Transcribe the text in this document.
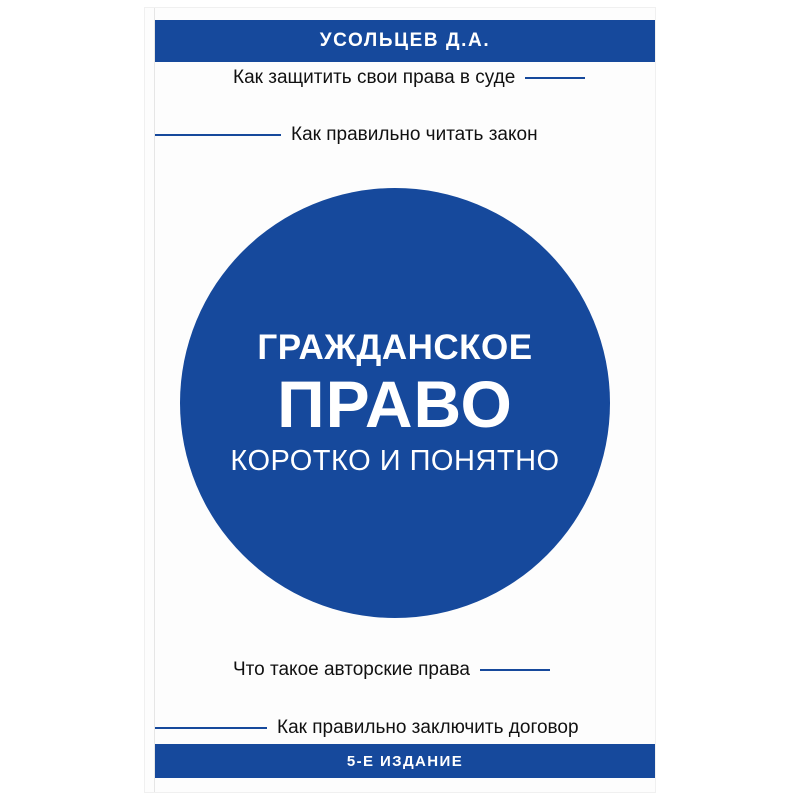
УСОЛЬЦЕВ Д.А.
Как защитить свои права в суде
Как правильно читать закон
ГРАЖДАНСКОЕ
ПРАВО
КОРОТКО И ПОНЯТНО
Что такое авторские права
Как правильно заключить договор
5-Е ИЗДАНИЕ
